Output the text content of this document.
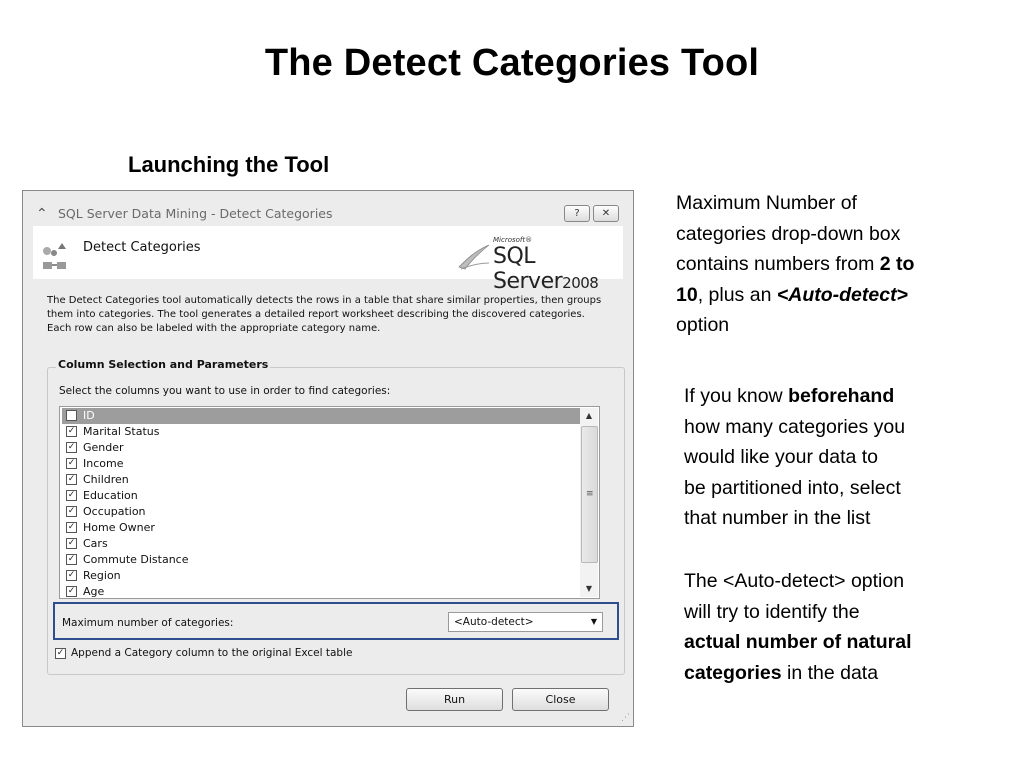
The Detect Categories Tool
Launching the Tool
⌃ SQL Server Data Mining - Detect Categories	?	✕
Detect Categories	Microsoft®
SQL Server2008
The Detect Categories tool automatically detects the rows in a table that share similar properties, then groups
them into categories. The tool generates a detailed report worksheet describing the discovered categories.
Each row can also be labeled with the appropriate category name.
Column Selection and Parameters
Select the columns you want to use in order to find categories:
ID
✓ Marital Status
✓ Gender
✓ Income
✓ Children
✓ Education
✓ Occupation
✓ Home Owner
✓ Cars
✓ Commute Distance
✓ Region
✓ Age
▲
≡
▼
Maximum number of categories:	<Auto-detect>	▼
✓ Append a Category column to the original Excel table
Run	Close
⋰
Maximum Number of
categories drop-down box
contains numbers from 2 to
10, plus an <Auto-detect>
option
If you know beforehand
how many categories you
would like your data to
be partitioned into, select
that number in the list
The <Auto-detect> option
will try to identify the
actual number of natural
categories in the data
